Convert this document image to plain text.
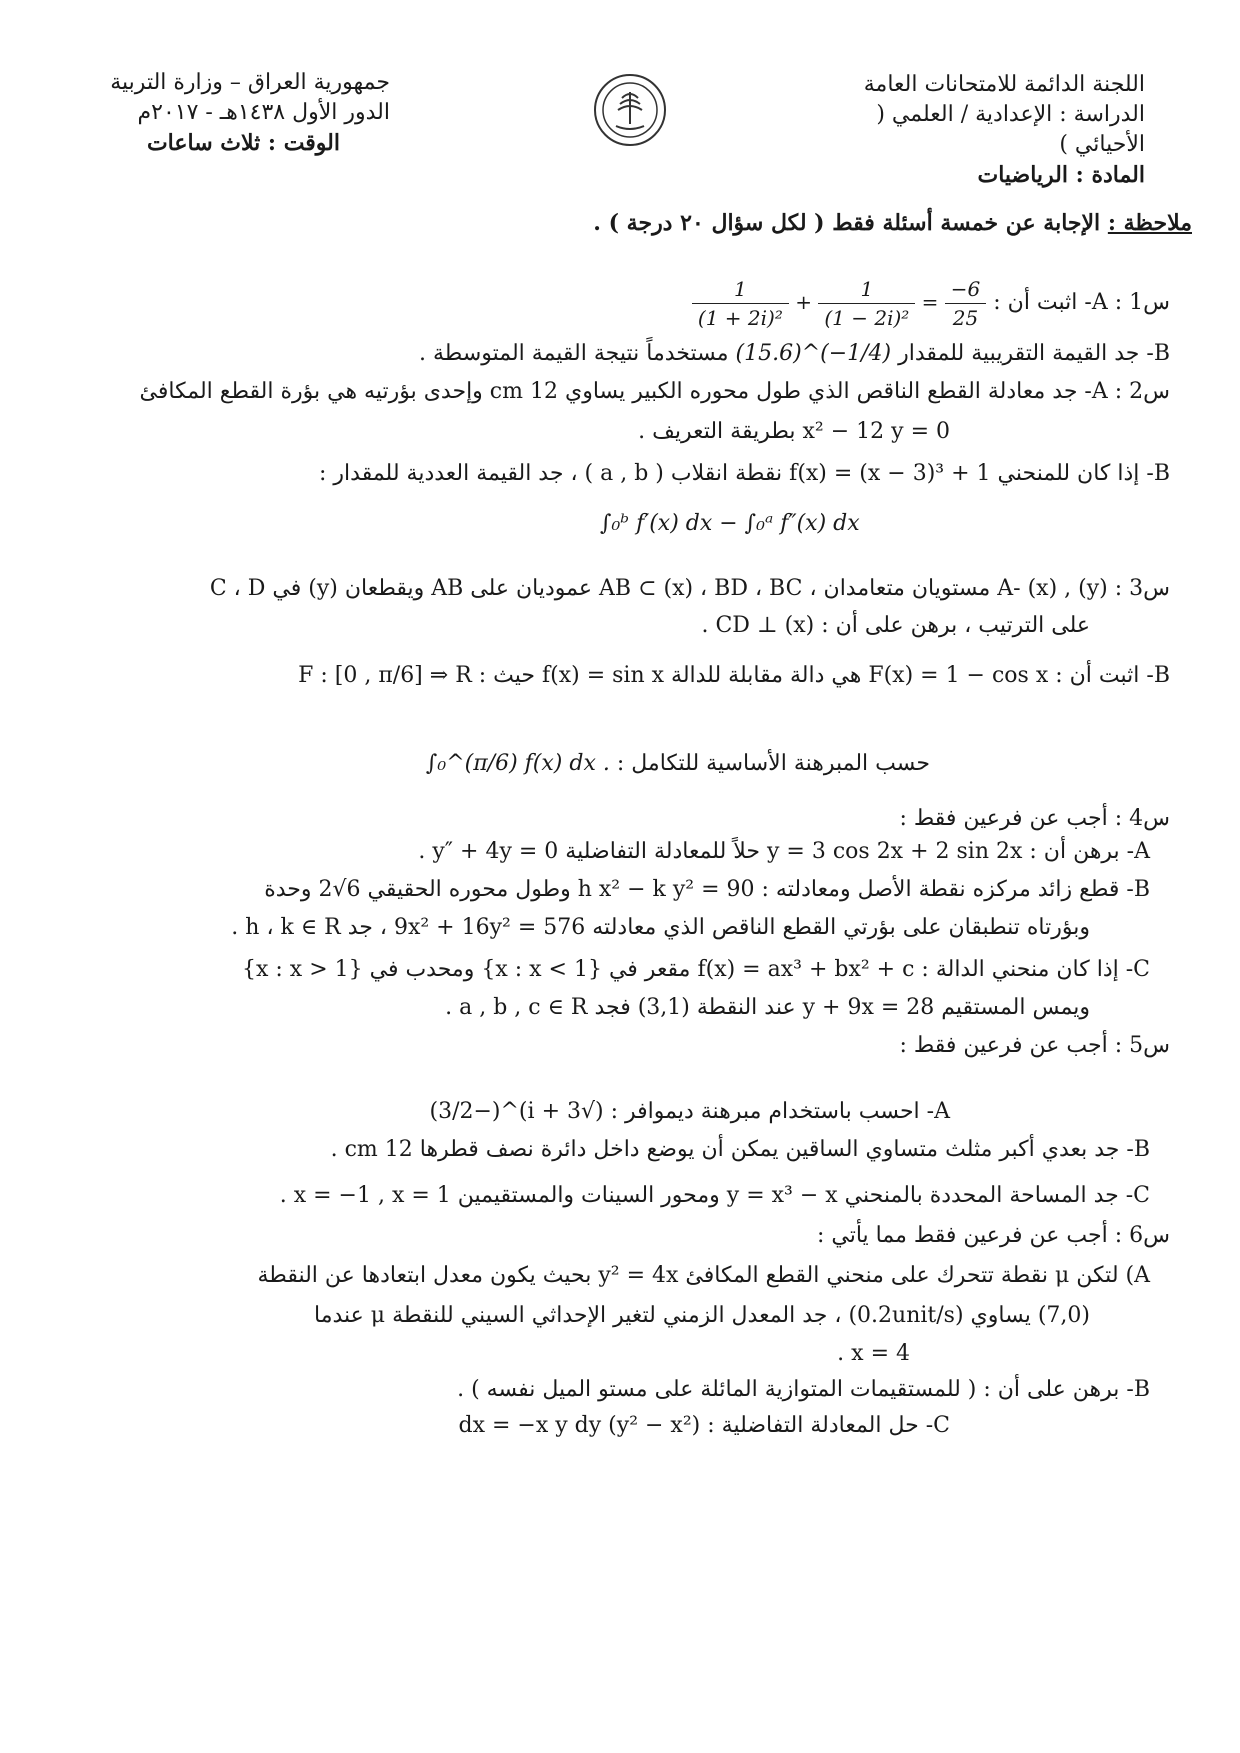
اللجنة الدائمة للامتحانات العامة
الدراسة : الإعدادية / العلمي ( الأحيائي )
المادة : الرياضيات
جمهورية العراق – وزارة التربية
الدور الأول ١٤٣٨هـ - ٢٠١٧م
الوقت : ثلاث ساعات
ملاحظة : الإجابة عن خمسة أسئلة فقط ( لكل سؤال ٢٠ درجة ) .
س1 : A- اثبت أن :
$\frac{1}{\text{(1 + 2i)²}} + \frac{1}{\text{(1 − 2i)²}} = \frac{-6}{25}$
B- جد القيمة التقريبية للمقدار (15.6)^(−1/4) مستخدماً نتيجة القيمة المتوسطة .
س2 : A- جد معادلة القطع الناقص الذي طول محوره الكبير يساوي 12 cm وإحدى بؤرتيه هي بؤرة القطع المكافئ
x² − 12 y = 0 بطريقة التعريف .
B- إذا كان للمنحني f(x) = (x − 3)³ + 1 نقطة انقلاب ( a , b ) ، جد القيمة العددية للمقدار :
∫₀ᵇ f′(x) dx − ∫₀ᵃ f″(x) dx
س3 : A- (x) , (y) مستويان متعامدان ، AB ⊂ (x) ، BD ، BC عموديان على AB ويقطعان (y) في C ، D
على الترتيب ، برهن على أن : CD ⊥ (x) .
B- اثبت أن : F(x) = 1 − cos x هي دالة مقابلة للدالة f(x) = sin x حيث : F : [0 , π/6] ⇒ R
حسب المبرهنة الأساسية للتكامل : ∫₀^(π/6) f(x) dx .
س4 : أجب عن فرعين فقط :
A- برهن أن : y = 3 cos 2x + 2 sin 2x حلاً للمعادلة التفاضلية y″ + 4y = 0 .
B- قطع زائد مركزه نقطة الأصل ومعادلته : h x² − k y² = 90 وطول محوره الحقيقي 6√2 وحدة
وبؤرتاه تنطبقان على بؤرتي القطع الناقص الذي معادلته 9x² + 16y² = 576 ، جد h ، k ∈ R .
C- إذا كان منحني الدالة : f(x) = ax³ + bx² + c مقعر في {x : x < 1} ومحدب في {x : x > 1}
ويمس المستقيم y + 9x = 28 عند النقطة (3,1) فجد a , b , c ∈ R .
س5 : أجب عن فرعين فقط :
A- احسب باستخدام مبرهنة ديموافر : (√3 + i)^(−3/2)
B- جد بعدي أكبر مثلث متساوي الساقين يمكن أن يوضع داخل دائرة نصف قطرها 12 cm .
C- جد المساحة المحددة بالمنحني y = x³ − x ومحور السينات والمستقيمين x = −1 , x = 1 .
س6 : أجب عن فرعين فقط مما يأتي :
A) لتكن μ نقطة تتحرك على منحني القطع المكافئ y² = 4x بحيث يكون معدل ابتعادها عن النقطة
(7,0) يساوي (0.2unit/s) ، جد المعدل الزمني لتغير الإحداثي السيني للنقطة μ عندما
x = 4 .
B- برهن على أن : ( للمستقيمات المتوازية المائلة على مستو الميل نفسه ) .
C- حل المعادلة التفاضلية : (y² − x²) dx = −x y dy
